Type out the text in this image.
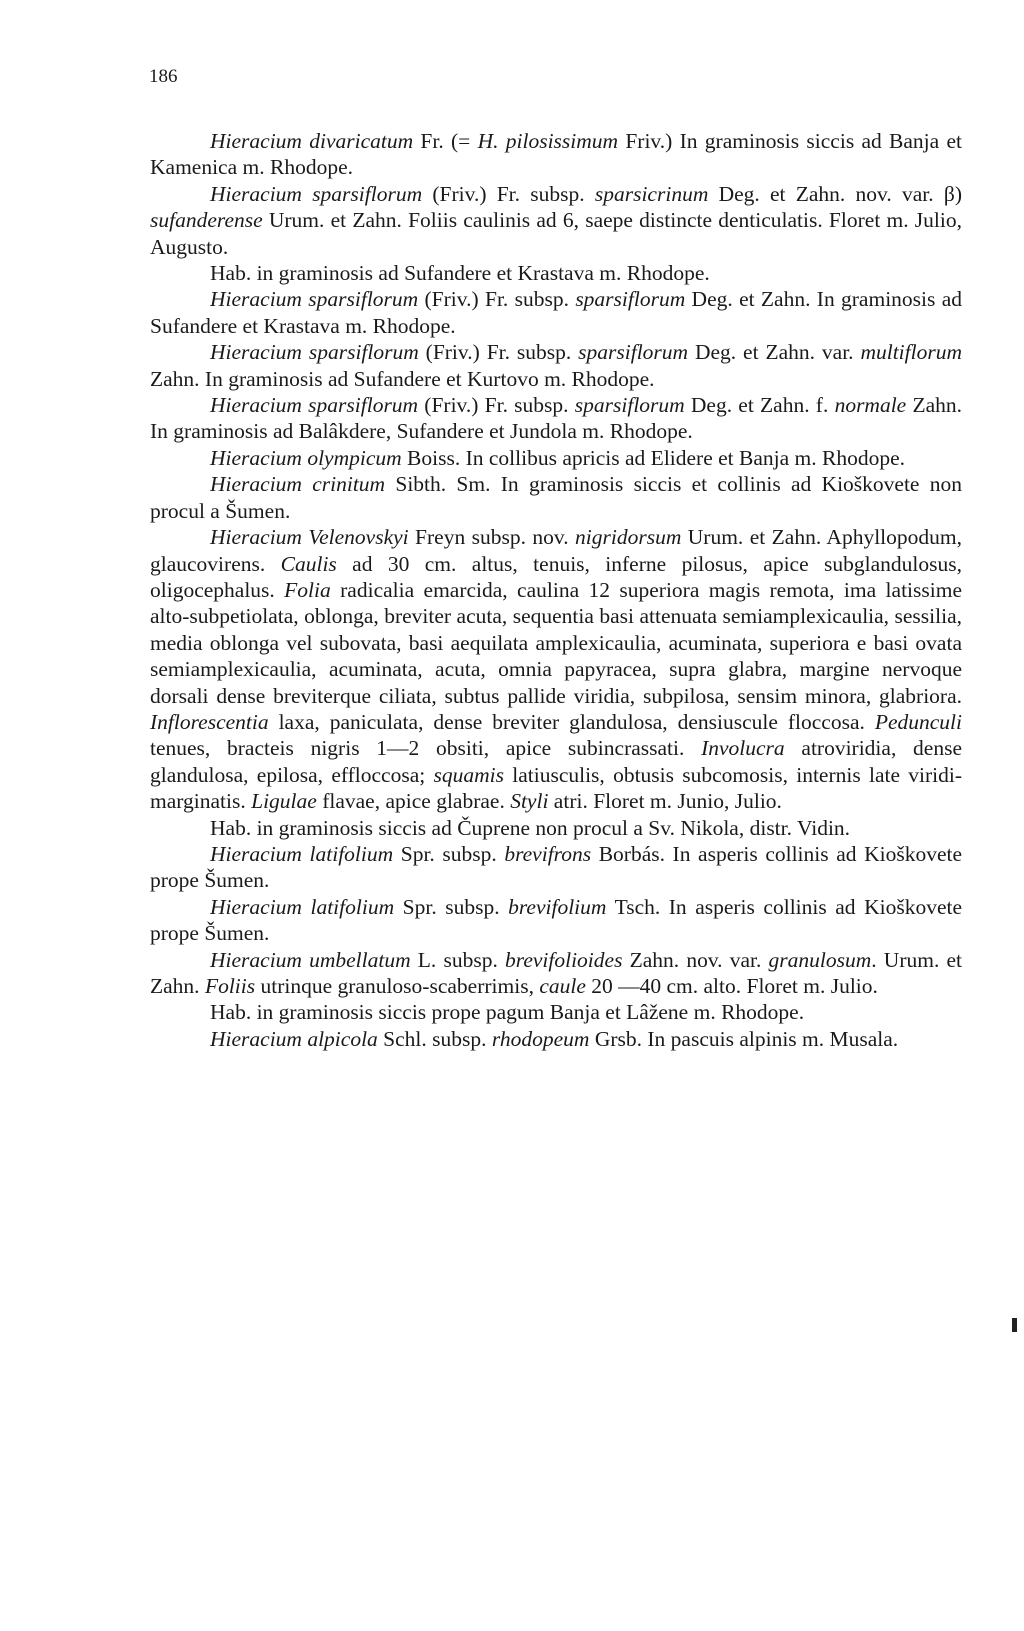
186

Hieracium divaricatum Fr. (= H. pilosissimum Friv.) In graminosis siccis ad Banja et Kamenica m. Rhodope.

Hieracium sparsiflorum (Friv.) Fr. subsp. sparsicrinum Deg. et Zahn. nov. var. β) sufanderense Urum. et Zahn. Foliis caulinis ad 6, saepe distincte denticulatis. Floret m. Julio, Augusto.

Hab. in graminosis ad Sufandere et Krastava m. Rhodope.

Hieracium sparsiflorum (Friv.) Fr. subsp. sparsiflorum Deg. et Zahn. In graminosis ad Sufandere et Krastava m. Rhodope.

Hieracium sparsiflorum (Friv.) Fr. subsp. sparsiflorum Deg. et Zahn. var. multiflorum Zahn. In graminosis ad Sufandere et Kurtovo m. Rhodope.

Hieracium sparsiflorum (Friv.) Fr. subsp. sparsiflorum Deg. et Zahn. f. normale Zahn. In graminosis ad Balâkdere, Sufandere et Jundola m. Rhodope.

Hieracium olympicum Boiss. In collibus apricis ad Elidere et Banja m. Rhodope.

Hieracium crinitum Sibth. Sm. In graminosis siccis et collinis ad Kioškovete non procul a Šumen.

Hieracium Velenovskyi Freyn subsp. nov. nigridorsum Urum. et Zahn. Aphyllopodum, glaucovirens. Caulis ad 30 cm. altus, tenuis, inferne pilosus, apice subglandulosus, oligocephalus. Folia radicalia emarcida, caulina 12 superiora magis remota, ima latissime alto-subpetiolata, oblonga, breviter acuta, sequentia basi attenuata semiamplexicaulia, sessilia, media oblonga vel subovata, basi aequilata amplexicaulia, acuminata, superiora e basi ovata semiamplexicaulia, acuminata, acuta, omnia papyracea, supra glabra, margine nervoque dorsali dense breviterque ciliata, subtus pallide viridia, subpilosa, sensim minora, glabriora. Inflorescentia laxa, paniculata, dense breviter glandulosa, densiuscule floccosa. Pedunculi tenues, bracteis nigris 1—2 obsiti, apice subincrassati. Involucra atroviridia, dense glandulosa, epilosa, effloccosa; squamis latiusculis, obtusis subcomosis, internis late viridi-marginatis. Ligulae flavae, apice glabrae. Styli atri. Floret m. Junio, Julio.

Hab. in graminosis siccis ad Čuprene non procul a Sv. Nikola, distr. Vidin.

Hieracium latifolium Spr. subsp. brevifrons Borbás. In asperis collinis ad Kioškovete prope Šumen.

Hieracium latifolium Spr. subsp. brevifolium Tsch. In asperis collinis ad Kioškovete prope Šumen.

Hieracium umbellatum L. subsp. brevifolioides Zahn. nov. var. granulosum. Urum. et Zahn. Foliis utrinque granuloso-scaberrimis, caule 20 —40 cm. alto. Floret m. Julio.

Hab. in graminosis siccis prope pagum Banja et Lâžene m. Rhodope.

Hieracium alpicola Schl. subsp. rhodopeum Grsb. In pascuis alpinis m. Musala.
